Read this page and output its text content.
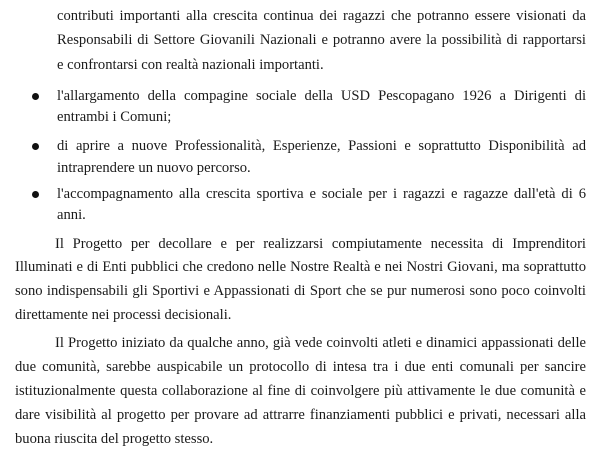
contributi importanti alla crescita continua dei ragazzi che potranno essere visionati da
Responsabili di Settore Giovanili Nazionali e potranno avere la possibilità di rapportarsi
e confrontarsi con realtà nazionali importanti.
l'allargamento della compagine sociale della USD Pescopagano 1926 a Dirigenti di
entrambi i Comuni;
di aprire a nuove Professionalità, Esperienze, Passioni e soprattutto Disponibilità ad
intraprendere un nuovo percorso.
l'accompagnamento alla crescita sportiva e sociale per i ragazzi e ragazze dall'età di 6
anni.
Il Progetto per decollare e per realizzarsi compiutamente necessita di Imprenditori
Illuminati e di Enti pubblici che credono nelle Nostre Realtà e nei Nostri Giovani, ma soprattutto
sono indispensabili gli Sportivi e Appassionati di Sport che se pur numerosi sono poco coinvolti
direttamente nei processi decisionali.
Il Progetto iniziato da qualche anno, già vede coinvolti atleti e dinamici appassionati delle
due comunità, sarebbe auspicabile un protocollo di intesa tra i due enti comunali per sancire
istituzionalmente questa collaborazione al fine di coinvolgere più attivamente le due comunità e
dare visibilità al progetto per provare ad attrarre finanziamenti pubblici e privati, necessari alla
buona riuscita del progetto stesso.
